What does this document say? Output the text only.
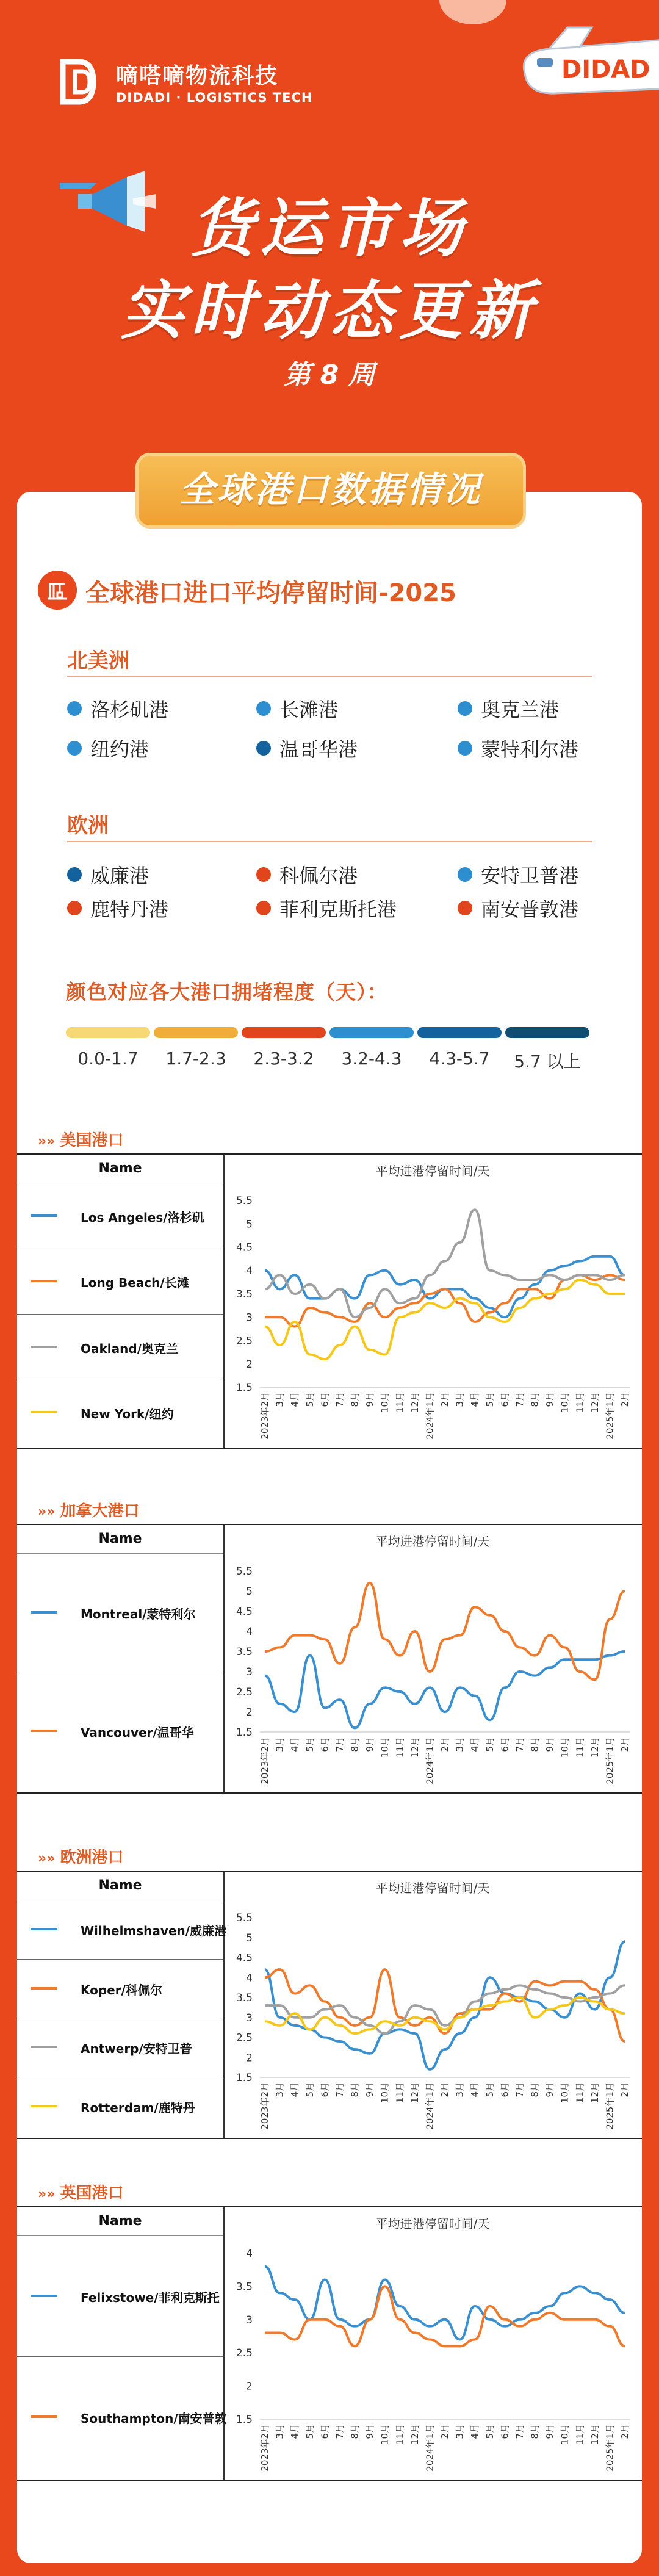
DIDAD
嘀嗒嘀物流科技
DIDADI · LOGISTICS TECH
货运市场
实时动态更新
第 8 周
全球港口数据情况
全球港口进口平均停留时间-2025
北美洲
洛杉矶港	长滩港	奥克兰港
纽约港	温哥华港	蒙特利尔港
欧洲
威廉港	科佩尔港	安特卫普港
鹿特丹港	菲利克斯托港	南安普敦港
颜色对应各大港口拥堵程度（天）：
0.0-1.7	1.7-2.3	2.3-3.2	3.2-4.3	4.3-5.7	5.7 以上
»» 美国港口
Name
Los Angeles/洛杉矶
Long Beach/长滩
Oakland/奥克兰
New York/纽约
平均进港停留时间/天
1.5
2
2.5
3
3.5
4
4.5
5
5.5
2023年2月 3月 4月 5月 6月 7月 8月 9月 10月 11月 12月 2024年1月 2月 3月 4月 5月 6月 7月 8月 9月 10月 11月 12月 2025年1月 2月
»» 加拿大港口
Name
Montreal/蒙特利尔
Vancouver/温哥华
平均进港停留时间/天
1.5
2
2.5
3
3.5
4
4.5
5
5.5
2023年2月 3月 4月 5月 6月 7月 8月 9月 10月 11月 12月 2024年1月 2月 3月 4月 5月 6月 7月 8月 9月 10月 11月 12月 2025年1月 2月
»» 欧洲港口
Name
Wilhelmshaven/威廉港
Koper/科佩尔
Antwerp/安特卫普
Rotterdam/鹿特丹
平均进港停留时间/天
1.5
2
2.5
3
3.5
4
4.5
5
5.5
2023年2月 3月 4月 5月 6月 7月 8月 9月 10月 11月 12月 2024年1月 2月 3月 4月 5月 6月 7月 8月 9月 10月 11月 12月 2025年1月 2月
»» 英国港口
Name
Felixstowe/菲利克斯托
Southampton/南安普敦
平均进港停留时间/天
1.5
2
2.5
3
3.5
4
2023年2月 3月 4月 5月 6月 7月 8月 9月 10月 11月 12月 2024年1月 2月 3月 4月 5月 6月 7月 8月 9月 10月 11月 12月 2025年1月 2月
